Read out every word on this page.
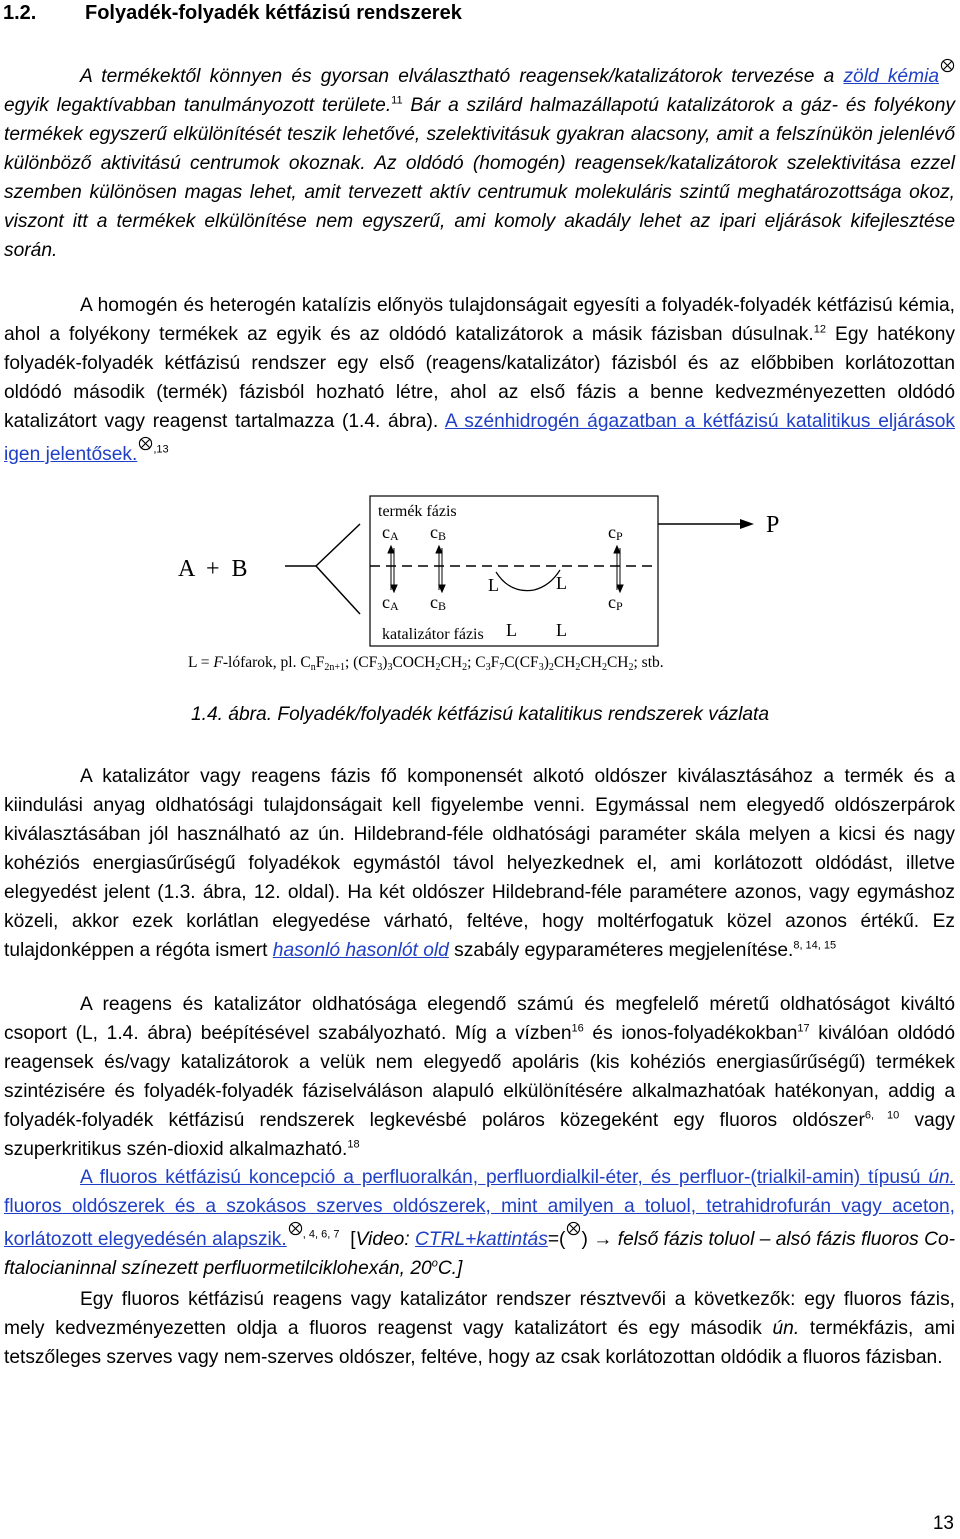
1.2. Folyadék-folyadék kétfázisú rendszerek

A termékektől könnyen és gyorsan elválasztható reagensek/katalizátorok tervezése a zöld kémia egyik legaktívabban tanulmányozott területe.$^{11}$ Bár a szilárd halmazállapotú katalizátorok a gáz- és folyékony termékek egyszerű elkülönítését teszik lehetővé, szelektivitásuk gyakran alacsony, amit a felszínükön jelenlévő különböző aktivitású centrumok okoznak. Az oldódó (homogén) reagensek/katalizátorok szelektivitása ezzel szemben különösen magas lehet, amit tervezett aktív centrumuk molekuláris szintű meghatározottsága okoz, viszont itt a termékek elkülönítése nem egyszerű, ami komoly akadály lehet az ipari eljárások kifejlesztése során.

A homogén és heterogén katalízis előnyös tulajdonságait egyesíti a folyadék-folyadék kétfázisú kémia, ahol a folyékony termékek az egyik és az oldódó katalizátorok a másik fázisban dúsulnak.$^{12}$ Egy hatékony folyadék-folyadék kétfázisú rendszer egy első (reagens/katalizátor) fázisból és az előbbiben korlátozottan oldódó második (termék) fázisból hozható létre, ahol az első fázis a benne kedvezményezetten oldódó katalizátort vagy reagenst tartalmazza (1.4. ábra). A szénhidrogén ágazatban a kétfázisú katalitikus eljárások igen jelentősek. $^{,13}$

A  +  B
termék fázis
katalizátor fázis
cA cB	cP
cA cB	cP
L	L
L L
P
L = F-lófarok, pl. CnF2n+1; (CF3)3COCH2CH2; C3F7C(CF3)2CH2CH2CH2; stb.

1.4. ábra. Folyadék/folyadék kétfázisú katalitikus rendszerek vázlata

A katalizátor vagy reagens fázis fő komponensét alkotó oldószer kiválasztásához a termék és a kiindulási anyag oldhatósági tulajdonságait kell figyelembe venni. Egymással nem elegyedő oldószerpárok kiválasztásában jól használható az ún. Hildebrand-féle oldhatósági paraméter skála melyen a kicsi és nagy kohéziós energiasűrűségű folyadékok egymástól távol helyezkednek el, ami korlátozott oldódást, illetve elegyedést jelent (1.3. ábra, 12. oldal). Ha két oldószer Hildebrand-féle paramétere azonos, vagy egymáshoz közeli, akkor ezek korlátlan elegyedése várható, feltéve, hogy moltérfogatuk közel azonos értékű. Ez tulajdonképpen a régóta ismert hasonló hasonlót old szabály egyparaméteres megjelenítése.$^{8, 14, 15}$

A reagens és katalizátor oldhatósága elegendő számú és megfelelő méretű oldhatóságot kiváltó csoport (L, 1.4. ábra) beépítésével szabályozható. Míg a vízben$^{16}$ és ionos-folyadékokban$^{17}$ kiválóan oldódó reagensek és/vagy katalizátorok a velük nem elegyedő apoláris (kis kohéziós energiasűrűségű) termékek szintézisére és folyadék-folyadék fáziselváláson alapuló elkülönítésére alkalmazhatóak hatékonyan, addig a folyadék-folyadék kétfázisú rendszerek legkevésbé poláros közegeként egy fluoros oldószer$^{6, 10}$ vagy szuperkritikus szén-dioxid alkalmazható.$^{18}$

A fluoros kétfázisú koncepció a perfluoralkán, perfluordialkil-éter, és perfluor-(trialkil-amin) típusú ún. fluoros oldószerek és a szokásos szerves oldószerek, mint amilyen a toluol, tetrahidrofurán vagy aceton, korlátozott elegyedésén alapszik. $^{, 4, 6, 7}$  [Video: CTRL+kattintás=( ) → felső fázis toluol – alsó fázis fluoros Co-ftalocianinnal színezett perfluormetilciklohexán, 20$^o$C.]

Egy fluoros kétfázisú reagens vagy katalizátor rendszer résztvevői a következők: egy fluoros fázis, mely kedvezményezetten oldja a fluoros reagenst vagy katalizátort és egy második ún. termékfázis, ami tetszőleges szerves vagy nem-szerves oldószer, feltéve, hogy az csak korlátozottan oldódik a fluoros fázisban.

13
